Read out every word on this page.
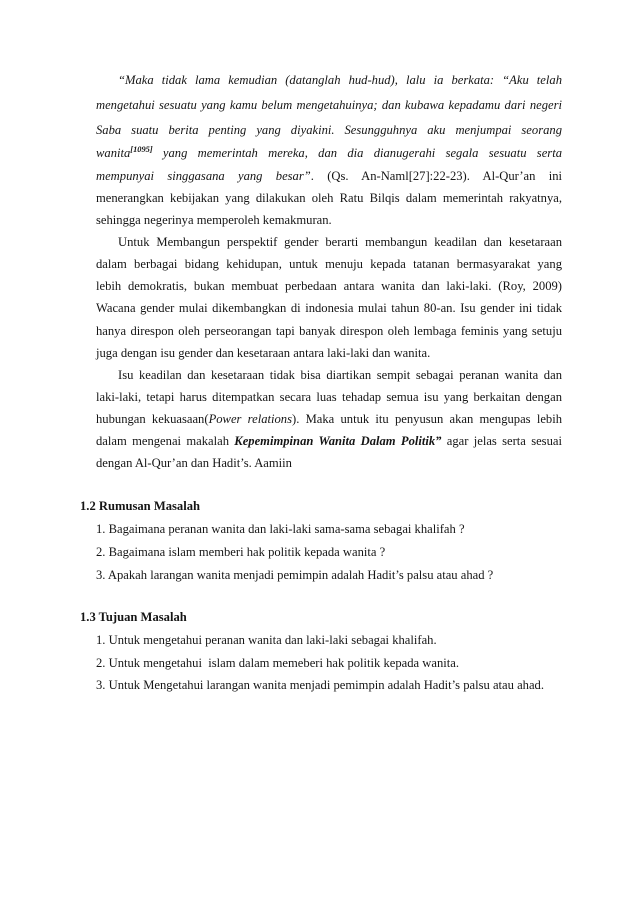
“Maka tidak lama kemudian (datanglah hud-hud), lalu ia berkata: “Aku telah
mengetahui sesuatu yang kamu belum mengetahuinya; dan kubawa kepadamu dari negeri
Saba suatu berita penting yang diyakini. Sesungguhnya aku menjumpai seorang
wanita[1095] yang memerintah mereka, dan dia dianugerahi segala sesuatu serta
mempunyai singgasana yang besar”. (Qs. An-Naml[27]:22-23). Al-Qur’an ini
menerangkan kebijakan yang dilakukan oleh Ratu Bilqis dalam memerintah rakyatnya,
sehingga negerinya memperoleh kemakmuran.
Untuk Membangun perspektif gender berarti membangun keadilan dan kesetaraan
dalam berbagai bidang kehidupan, untuk menuju kepada tatanan bermasyarakat yang
lebih demokratis, bukan membuat perbedaan antara wanita dan laki-laki. (Roy, 2009)
Wacana gender mulai dikembangkan di indonesia mulai tahun 80-an. Isu gender ini tidak
hanya direspon oleh perseorangan tapi banyak direspon oleh lembaga feminis yang setuju
juga dengan isu gender dan kesetaraan antara laki-laki dan wanita.
Isu keadilan dan kesetaraan tidak bisa diartikan sempit sebagai peranan wanita dan
laki-laki, tetapi harus ditempatkan secara luas tehadap semua isu yang berkaitan dengan
hubungan kekuasaan(Power relations). Maka untuk itu penyusun akan mengupas lebih
dalam mengenai makalah Kepemimpinan Wanita Dalam Politik” agar jelas serta sesuai
dengan Al-Qur’an dan Hadit’s. Aamiin
1.2 Rumusan Masalah
1. Bagaimana peranan wanita dan laki-laki sama-sama sebagai khalifah ?
2. Bagaimana islam memberi hak politik kepada wanita ?
3. Apakah larangan wanita menjadi pemimpin adalah Hadit’s palsu atau ahad ?
1.3 Tujuan Masalah
1. Untuk mengetahui peranan wanita dan laki-laki sebagai khalifah.
2. Untuk mengetahui  islam dalam memeberi hak politik kepada wanita.
3. Untuk Mengetahui larangan wanita menjadi pemimpin adalah Hadit’s palsu atau ahad.
